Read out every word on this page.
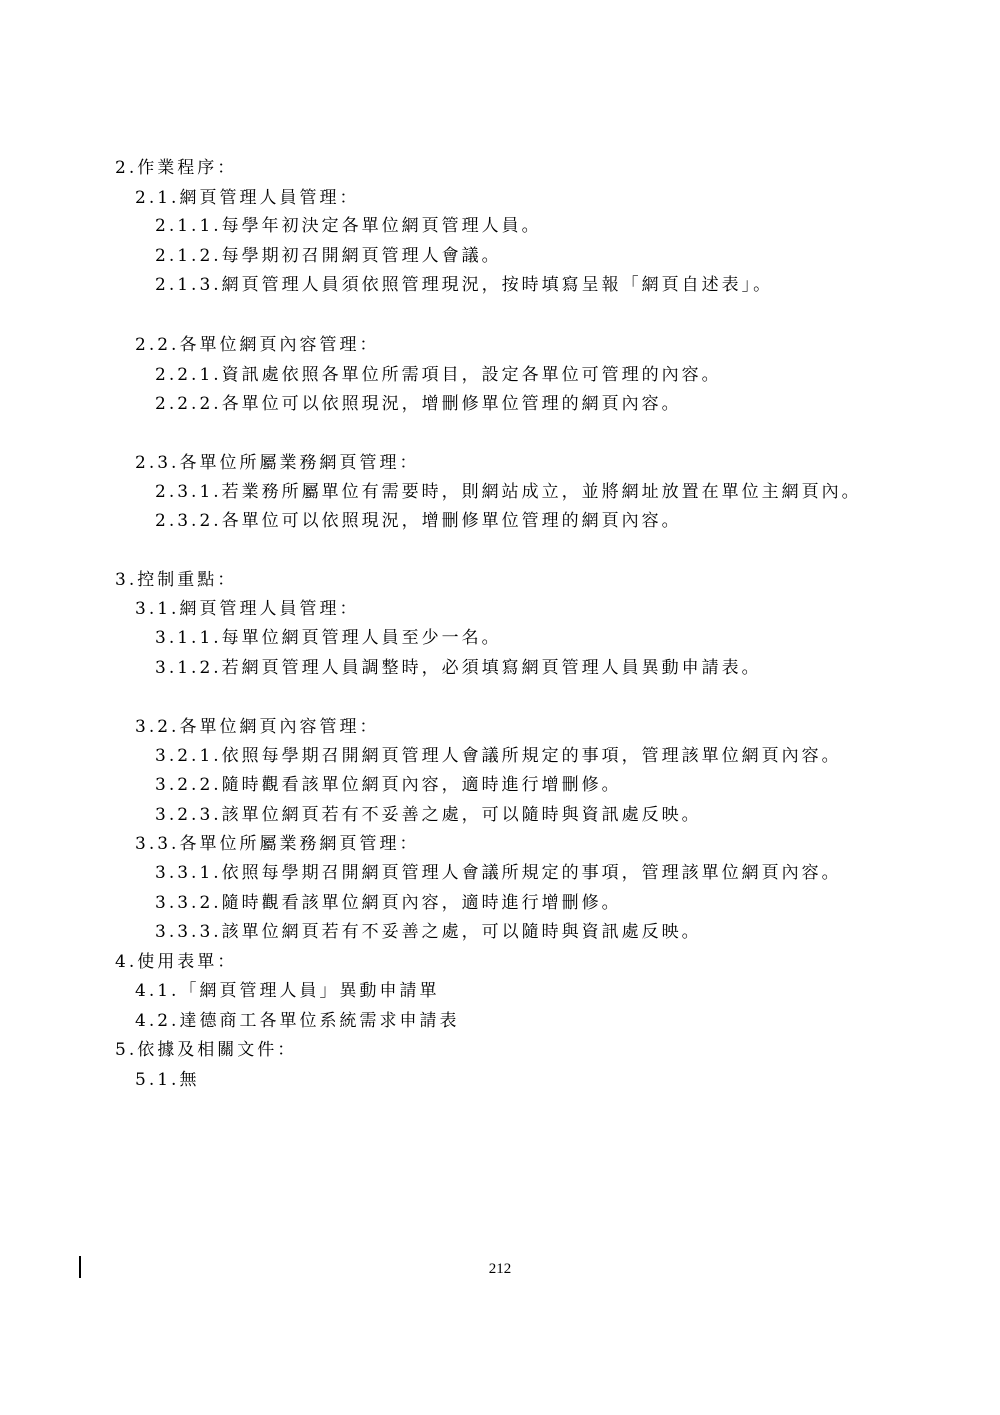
2.作業程序：
2.1.網頁管理人員管理：
2.1.1.每學年初決定各單位網頁管理人員。
2.1.2.每學期初召開網頁管理人會議。
2.1.3.網頁管理人員須依照管理現況，按時填寫呈報「網頁自述表」。
2.2.各單位網頁內容管理：
2.2.1.資訊處依照各單位所需項目，設定各單位可管理的內容。
2.2.2.各單位可以依照現況，增刪修單位管理的網頁內容。
2.3.各單位所屬業務網頁管理：
2.3.1.若業務所屬單位有需要時，則網站成立，並將網址放置在單位主網頁內。
2.3.2.各單位可以依照現況，增刪修單位管理的網頁內容。
3.控制重點：
3.1.網頁管理人員管理：
3.1.1.每單位網頁管理人員至少一名。
3.1.2.若網頁管理人員調整時，必須填寫網頁管理人員異動申請表。
3.2.各單位網頁內容管理：
3.2.1.依照每學期召開網頁管理人會議所規定的事項，管理該單位網頁內容。
3.2.2.隨時觀看該單位網頁內容，適時進行增刪修。
3.2.3.該單位網頁若有不妥善之處，可以隨時與資訊處反映。
3.3.各單位所屬業務網頁管理：
3.3.1.依照每學期召開網頁管理人會議所規定的事項，管理該單位網頁內容。
3.3.2.隨時觀看該單位網頁內容，適時進行增刪修。
3.3.3.該單位網頁若有不妥善之處，可以隨時與資訊處反映。
4.使用表單：
4.1.「網頁管理人員」異動申請單
4.2.達德商工各單位系統需求申請表
5.依據及相關文件：
5.1.無
212
